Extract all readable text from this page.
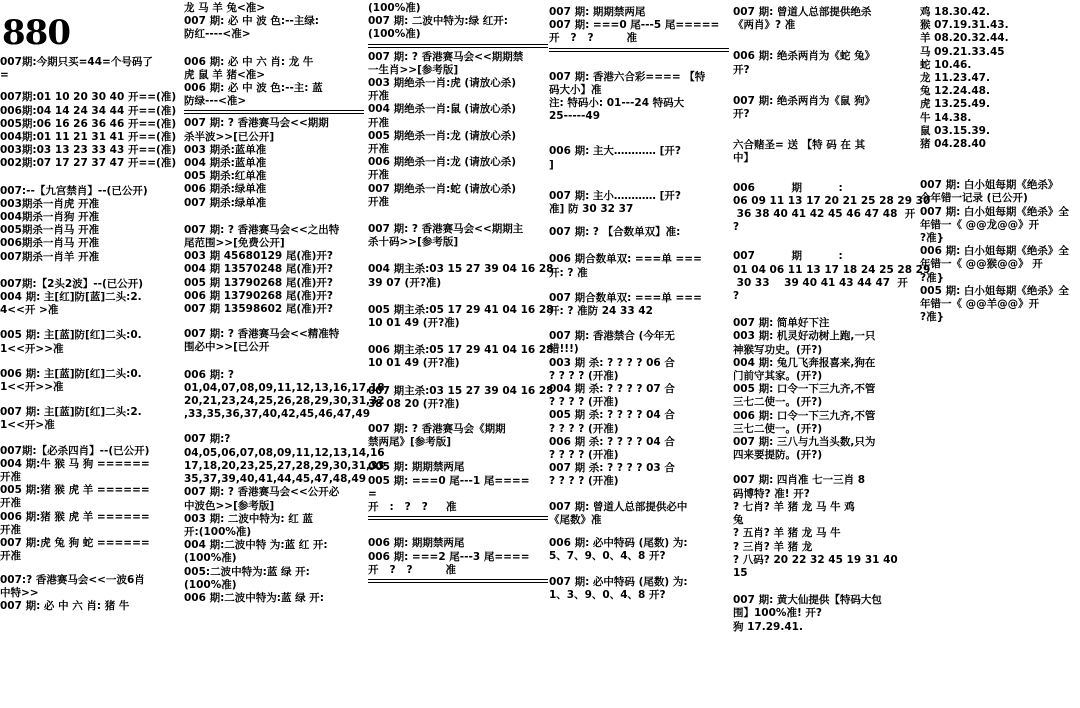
880

007期:今期只买=44=个号码了
=

007期:01 10 20 30 40 开==(准)
006期:04 14 24 34 44 开==(准)
005期:06 16 26 36 46 开==(准)
004期:01 11 21 31 41 开==(准)
003期:03 13 23 33 43 开==(准)
002期:07 17 27 37 47 开==(准)

007:--【九宫禁肖】--(已公开)
003期杀一肖虎 开准
004期杀一肖狗 开准
005期杀一肖马 开准
006期杀一肖马 开准
007期杀一肖羊 开准

007期:【2头2波】--(已公开)
004 期: 主[红]防[蓝]二头:2.
4<<开 >准

005 期: 主[蓝]防[红]二头:0.
1<<开>>准

006 期: 主[蓝]防[红]二头:0.
1<<开>>准

007 期: 主[蓝]防[红]二头:2.
1<<开>准

007期:【必杀四肖】--(已公开)
004 期:牛 猴 马 狗 ======
开准
005 期:猪 猴 虎 羊 ======
开准
006 期:猪 猴 虎 羊 ======
开准
007 期:虎 兔 狗 蛇 ======
开准

007:? 香港赛马会<<一波6肖
中特>>
007 期: 必 中 六 肖: 猪 牛

龙 马 羊 兔<准>
007 期: 必 中 波 色:--主绿:
防红----<准>

006 期: 必 中 六 肖: 龙 牛
虎 鼠 羊 猪<准>
006 期: 必 中 波 色:--主: 蓝
防绿---<准>

007 期: ? 香港赛马会<<期期
杀半波>>[已公开]
003 期杀:蓝单准
004 期杀:蓝单准
005 期杀:红单准
006 期杀:绿单准
007 期杀:绿单准

007 期: ? 香港赛马会<<之出特
尾范围>>[免费公开]
003 期 45680129 尾(准)开?
004 期 13570248 尾(准)开?
005 期 13790268 尾(准)开?
006 期 13790268 尾(准)开?
007 期 13598602 尾(准)开?

007 期: ? 香港赛马会<<精准特
围必中>>[已公开

006 期: ?
01,04,07,08,09,11,12,13,16,17,18
20,21,23,24,25,26,28,29,30,31,32
,33,35,36,37,40,42,45,46,47,49

007 期:?
04,05,06,07,08,09,11,12,13,14,16
17,18,20,23,25,27,28,29,30,31,33
35,37,39,40,41,44,45,47,48,49
007 期: ? 香港赛马会<<公开必
中波色>>[参考版]
003 期: 二波中特为: 红 蓝
开:(100%准)
004 期:二波中特 为:蓝 红 开:
(100%准)
005:二波中特为:蓝 绿 开:
(100%准)
006 期:二波中特为:蓝 绿 开:

(100%准)
007 期: 二波中特为:绿 红开:
(100%准)

007 期: ? 香港赛马会<<期期禁
一生肖>>[参考版]
003 期绝杀一肖:虎 (请放心杀)
开准
004 期绝杀一肖:鼠 (请放心杀)
开准
005 期绝杀一肖:龙 (请放心杀)
开准
006 期绝杀一肖:龙 (请放心杀)
开准
007 期绝杀一肖:蛇 (请放心杀)
开准

007 期: ? 香港赛马会<<期期主
杀十码>>[参考版]

004 期主杀:03 15 27 39 04 16 28
39 07 (开?准)

005 期主杀:05 17 29 41 04 16 28
10 01 49 (开?准)

006 期主杀:05 17 29 41 04 16 28
10 01 49 (开?准)

007 期主杀:03 15 27 39 04 16 28
38 08 20 (开?准)

007 期: ? 香港赛马会《期期
禁两尾》[参考版]

005 期: 期期禁两尾
005 期: ===0 尾---1 尾====
=
开   :   ?   ?     准

006 期: 期期禁两尾
006 期: ===2 尾---3 尾====
开   ?   ?         准

007 期: 期期禁两尾
007 期: ===0 尾---5 尾=====
开   ?   ?         准

007 期: 香港六合彩==== 【特
码大小】准
注: 特码小: 01---24 特码大
25-----49

006 期: 主大………… [开?
]

007 期: 主小………… [开?
准] 防 30 32 37

007 期: ? 【合数单双】准:

006 期合数单双: ===单 ===
开: ? 准

007 期合数单双: ===单 ===
开: ? 准防 24 33 42

007 期: 香港禁合 (今年无
错!!!)
003 期 杀: ? ? ? ? 06 合
? ? ? ? (开准)
004 期 杀: ? ? ? ? 07 合
? ? ? ? (开准)
005 期 杀: ? ? ? ? 04 合
? ? ? ? (开准)
006 期 杀: ? ? ? ? 04 合
? ? ? ? (开准)
007 期 杀: ? ? ? ? 03 合
? ? ? ? (开准)

007 期: 曾道人总部提供必中
《尾数》准

006 期: 必中特码 (尾数) 为:
5、7、9、0、4、8 开?

007 期: 必中特码 (尾数) 为:
1、3、9、0、4、8 开?

007 期: 曾道人总部提供绝杀
《两肖》? 准

006 期: 绝杀两肖为《蛇 兔》
开?

007 期: 绝杀两肖为《鼠 狗》
开?

六合赌圣= 送 【特 码 在 其
中】

006          期          :
06 09 11 13 17 20 21 25 28 29 30
36 38 40 41 42 45 46 47 48  开
?

007          期          :
01 04 06 11 13 17 18 24 25 28 29
30 33    39 40 41 43 44 47  开
?

007 期: 简单好下注
003 期: 机灵好动树上跑,一只
神猴写功史。(开?)
004 期: 兔几飞奔报喜来,狗在
门前守其家。(开?)
005 期: 口令一下三九齐,不管
三七二使一。(开?)
006 期: 口令一下三九齐,不管
三七二使一。(开?)
007 期: 三八与九当头数,只为
四来要提防。(开?)

007 期: 四肖准 七一三肖 8
码博特? 准! 开?
? 七肖? 羊 猪 龙 马 牛 鸡
兔
? 五肖? 羊 猪 龙 马 牛
? 三肖? 羊 猪 龙
? 八码? 20 22 32 45 19 31 40
15

007 期: 黄大仙提供【特码大包
围】100%准! 开?
狗 17.29.41.

鸡 18.30.42.
猴 07.19.31.43.
羊 08.20.32.44.
马 09.21.33.45
蛇 10.46.
龙 11.23.47.
兔 12.24.48.
虎 13.25.49.
牛 14.38.
鼠 03.15.39.
猪 04.28.40

007 期: 白小姐每期《绝杀》
今年错一记录 (已公开)
007 期: 白小姐每期《绝杀》全
年错一《 @@龙@@》开
?准}
006 期: 白小姐每期《绝杀》全
年错一《 @@猴@@》 开
?准}
005 期: 白小姐每期《绝杀》全
年错一《 @@羊@@》开
?准}
